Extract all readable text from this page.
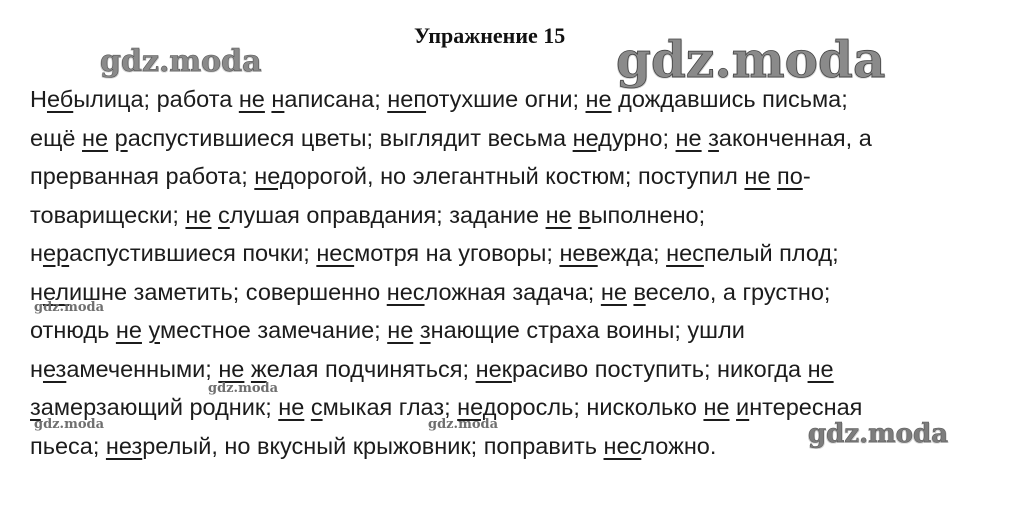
Упражнение 15
Небылица; работа не написана; непотухшие огни; не дождавшись письма;
ещё не распустившиеся цветы; выглядит весьма недурно; не законченная, а
прерванная работа; недорогой, но элегантный костюм; поступил не по-
товарищески; не слушая оправдания; задание не выполнено;
нераспустившиеся почки; несмотря на уговоры; невежда; неспелый плод;
нелишне заметить; совершенно несложная задача; не весело, а грустно;
отнюдь не уместное замечание; не знающие страха воины; ушли
незамеченными; не желая подчиняться; некрасиво поступить; никогда не
замерзающий родник; не смыкая глаз; недоросль; нисколько не интересная
пьеса; незрелый, но вкусный крыжовник; поправить несложно.
gdz.moda	gdz.moda
gdz.moda
gdz.moda
gdz.moda	gdz.moda	gdz.moda
